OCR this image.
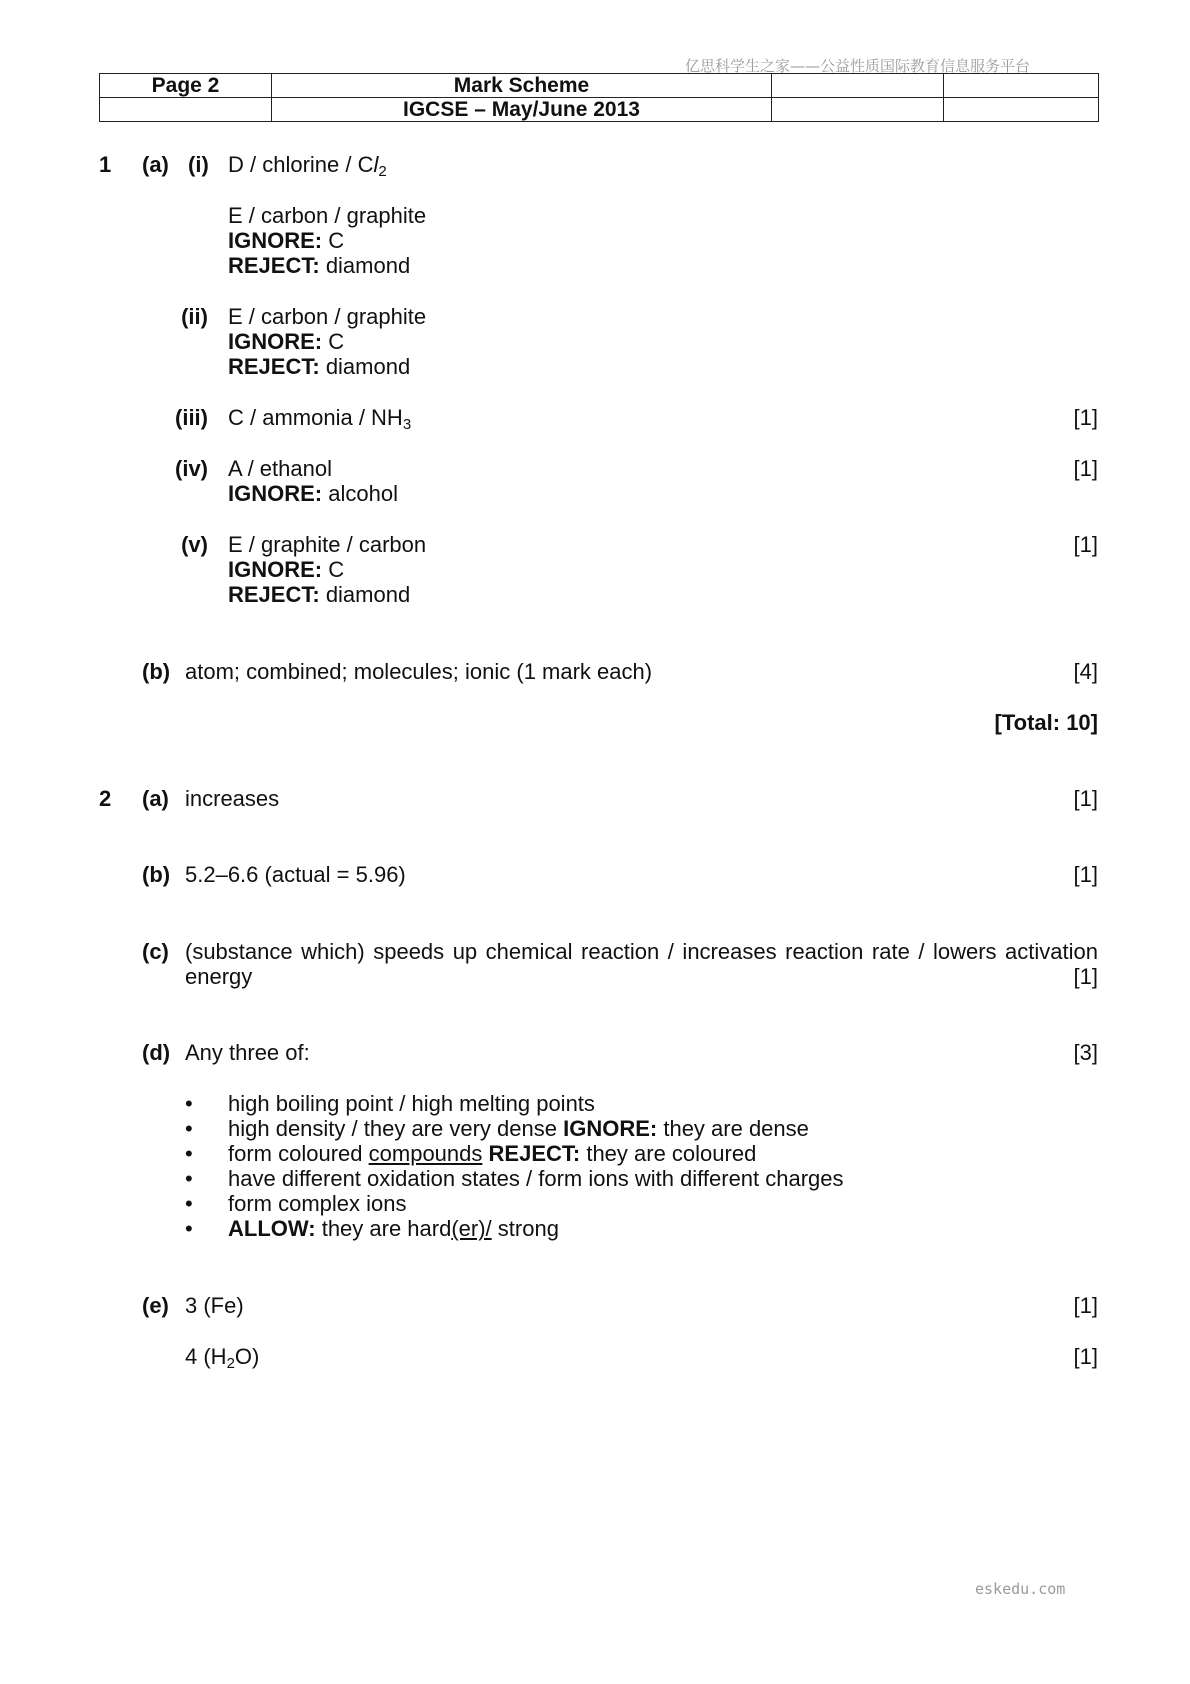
亿思科学生之家——公益性质国际教育信息服务平台
Page 2	Mark Scheme		
	IGCSE – May/June 2013		
1 (a) (i) D / chlorine / $Cl_2$
E / carbon / graphite
IGNORE: C
REJECT: diamond
(ii) E / carbon / graphite
IGNORE: C
REJECT: diamond
(iii) C / ammonia / $NH_3$	[1]
(iv) A / ethanol	[1]
IGNORE: alcohol
(v) E / graphite / carbon	[1]
IGNORE: C
REJECT: diamond
(b) atom; combined; molecules; ionic (1 mark each)	[4]
[Total: 10]
2 (a) increases	[1]
(b) 5.2–6.6 (actual = 5.96)	[1]
(c) (substance which) speeds up chemical reaction / increases reaction rate / lowers activation
energy	[1]
(d) Any three of:	[3]
• high boiling point / high melting points
• high density / they are very dense IGNORE: they are dense
• form coloured compounds REJECT: they are coloured
• have different oxidation states / form ions with different charges
• form complex ions
• ALLOW: they are hard(er)/ strong
(e) 3 (Fe)	[1]
4 $(H_2O)$	[1]
eskedu.com
